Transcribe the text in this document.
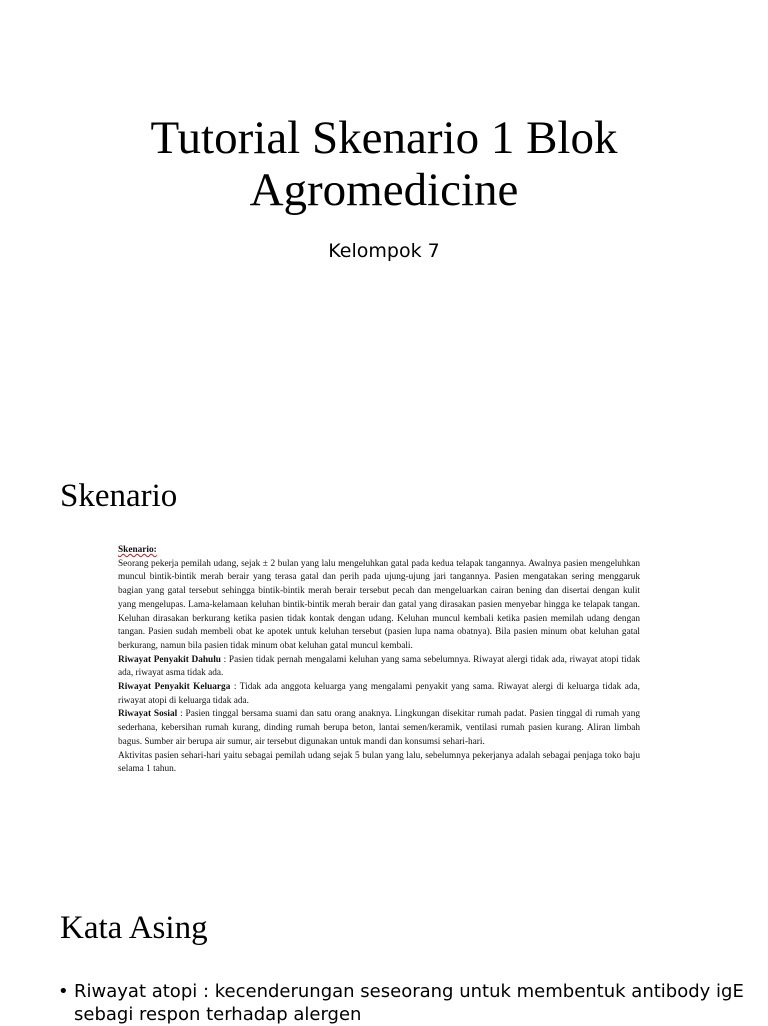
Tutorial Skenario 1 Blok
Agromedicine
Kelompok 7
Skenario

Skenario:

Seorang pekerja pemilah udang, sejak ± 2 bulan yang lalu mengeluhkan gatal pada kedua telapak tangannya. Awalnya pasien mengeluhkan muncul bintik-bintik merah berair yang terasa gatal dan perih pada ujung-ujung jari tangannya. Pasien mengatakan sering menggaruk bagian yang gatal tersebut sehingga bintik-bintik merah berair tersebut pecah dan mengeluarkan cairan bening dan disertai dengan kulit yang mengelupas. Lama-kelamaan keluhan bintik-bintik merah berair dan gatal yang dirasakan pasien menyebar hingga ke telapak tangan. Keluhan dirasakan berkurang ketika pasien tidak kontak dengan udang. Keluhan muncul kembali ketika pasien memilah udang dengan tangan. Pasien sudah membeli obat ke apotek untuk keluhan tersebut (pasien lupa nama obatnya). Bila pasien minum obat keluhan gatal berkurang, namun bila pasien tidak minum obat keluhan gatal muncul kembali.

Riwayat Penyakit Dahulu : Pasien tidak pernah mengalami keluhan yang sama sebelumnya. Riwayat alergi tidak ada, riwayat atopi tidak ada, riwayat asma tidak ada.

Riwayat Penyakit Keluarga : Tidak ada anggota keluarga yang mengalami penyakit yang sama. Riwayat alergi di keluarga tidak ada, riwayat atopi di keluarga tidak ada.

Riwayat Sosial : Pasien tinggal bersama suami dan satu orang anaknya. Lingkungan disekitar rumah padat. Pasien tinggal di rumah yang sederhana, kebersihan rumah kurang, dinding rumah berupa beton, lantai semen/keramik, ventilasi rumah pasien kurang. Aliran limbah bagus. Sumber air berupa air sumur, air tersebut digunakan untuk mandi dan konsumsi sehari-hari.

Aktivitas pasien sehari-hari yaitu sebagai pemilah udang sejak 5 bulan yang lalu, sebelumnya pekerjanya adalah sebagai penjaga toko baju selama 1 tahun.

Kata Asing
• Riwayat atopi : kecenderungan seseorang untuk membentuk antibody igE sebagi respon terhadap alergen
